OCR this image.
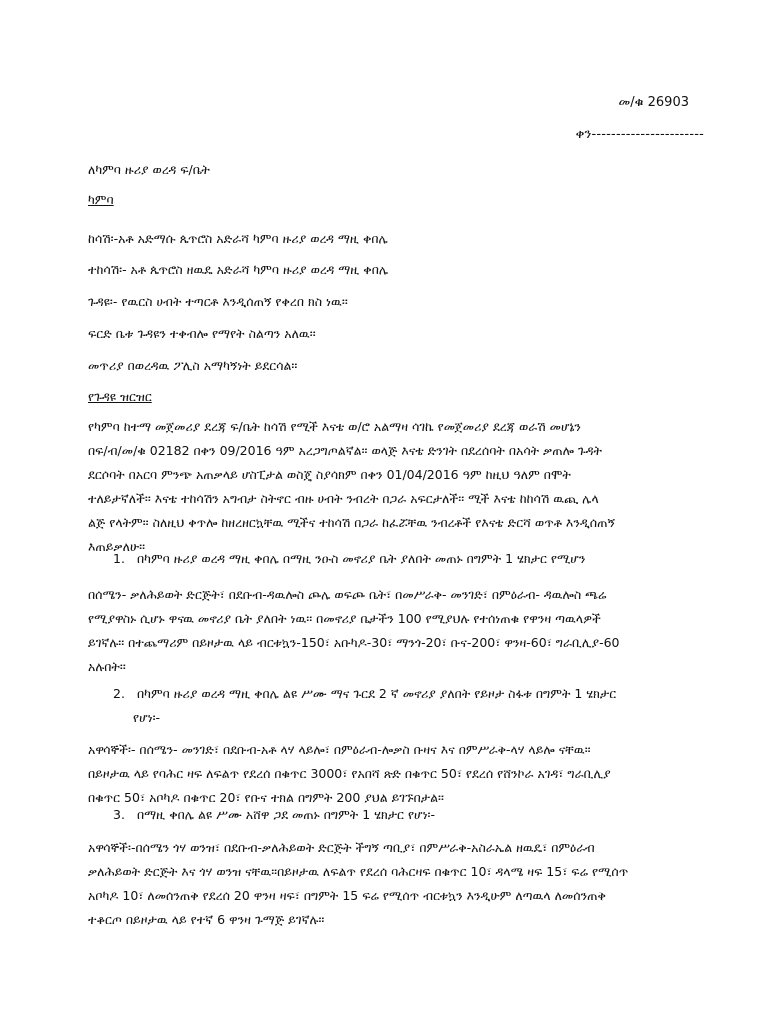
መ/ቁ 26903
ቀን-----------------------
ለካምባ ዙሪያ ወረዳ ፍ/ቤት
ካምባ
ከሳሽ፡-አቶ አድማሱ ጴጥሮስ አድራሻ ካምባ ዙሪያ ወረዳ ማዚ ቀበሌ
ተከሳሽ፡- አቶ ጴጥሮስ ዘዉዴ አድራሻ ካምባ ዙሪያ ወረዳ ማዚ ቀበሌ
ጉዳዩ፡- የዉርስ ሀብት ተጣርቶ እንዲሰጠኝ የቀረበ ክስ ነዉ፡፡
ፍርድ ቤቱ ጉዳዩን ተቀብሎ የማየት ስልጣን አለዉ፡፡
መጥሪያ በወረዳዉ ፖሊስ አማካኝነት ይደርሳል፡፡
የጉዳዩ ዝርዝር
የካምባ ከተማ መጀመሪያ ደረጃ ፍ/ቤት ከሳሽ የሚች እናቴ ወ/ሮ አልማዛ ሳገኬ የመጀመሪያ ደረጃ ወራሽ መሆኔን
በፍ/ብ/መ/ቁ 02182 በቀን 09/2016 ዓም አረጋግጦልኛል፡፡ ወላጅ እናቴ ድንገት በደረሰባት በአሳት ቃጠሎ ጉዳት
ደርሶባት በአርባ ምንጭ አጠቃላይ ሆስፒታል ወስጄ ስያሳክም በቀን 01/04/2016 ዓም ከዚህ ዓለም በሞት
ተለይታኛለች፡፡ እናቴ ተከሳሽን አግብታ ስትኖር ብዙ ሀብት ንብረት በጋራ አፍርታለች፡፡ ሚች እናቴ ከከሳሽ ዉጪ ሌላ
ልጅ የላትም፡፡ ስለዚህ ቀጥሎ ከዘረዘርኳቸዉ ሚችና ተከሳሽ በጋራ ከፈሯቸዉ ንብረቶች የእናቴ ድርሻ ወጥቶ እንዲሰጠኝ
እጠይቃለሁ፡፡
1. በካምባ ዙሪያ ወረዳ ማዚ ቀበሌ በማዚ ንዑስ መኖሪያ ቤት ያለበት መጠኑ በግምት 1 ሄክታር የሚሆን
በሰሜን- ቃለሕይወት ድርጅት፣ በደቡብ-ዳዉሎስ ጮሌ ወፍጮ ቤት፣ በመሥራቅ- መንገድ፣ በምዕራብ- ዳዉሎስ ጫሬ
የሚያዋስኑ ሲሆኑ ዋናዉ መኖሪያ ቤት ያለበት ነዉ፡፡ በመኖሪያ ቤታችን 100 የሚያህሉ የተሰነጠቁ የዋንዛ ጣዉላዎች
ይገኛሉ፡፡ በተጨማሪም በይዞታዉ ላይ ብርቱኳን-150፣ አቡካዶ-30፣ ማንጎ-20፣ ቡና-200፣ ዋንዛ-60፣ ግራቢሊያ-60
አሉበት፡፡
2. በካምባ ዙሪያ ወረዳ ማዚ ቀበሌ ልዩ ሥሙ ማና ጉርደ 2 ኛ መኖሪያ ያለበት የይዞታ ስፋቱ በግምት 1 ሄክታር
የሆነ፡-
አዋሳኞች፡- በሰሜን- መንገድ፣ በደቡብ-አቶ ላሃ ላይሎ፣ በምዕራብ-ሎቃስ ቡዛና እና በምሥራቅ-ላሃ ላይሎ ናቸዉ፡፡
በይዞታዉ ላይ የባሕር ዛፍ ለፍልጥ የደረሰ በቁጥር 3000፣ የአበሻ ጽድ በቁጥር 50፣ የደረሰ የሸንኮራ አገዳ፣ ግራቢሊያ
በቁጥር 50፣ አቦካዶ በቁጥር 20፣ የቡና ተክል በግምት 200 ያህል ይገኙበታል፡፡
3. በማዚ ቀበሌ ልዩ ሥሙ አሸዋ ጋደ መጠኑ በግምት 1 ሄክታር የሆነ፡-
አዋሳኞች፡-በሰሜን ጎሃ ወንዝ፣ በደቡብ-ቃለሕይወት ድርጅት ችግኝ ጣቢያ፣ በምሥራቅ-አስራኤል ዘዉዴ፣ በምዕራብ
ቃለሕይወት ድርጅት እና ጎሃ ወንዝ ናቸዉ፡፡በይዞታዉ ለፍልጥ የደረሰ ባሕርዛፍ በቁጥር 10፣ ዳላሜ ዛፍ 15፣ ፍሬ የሚሰጥ
አቦካዶ 10፣ ለመሰንጠቅ የደረሰ 20 ዋንዛ ዛፍ፣ በግምት 15 ፍሬ የሚሰጥ ብርቱኳን እንዲሁም ለጣዉላ ለመሰንጠቅ
ተቆርጦ በይዞታዉ ላይ የተኛ 6 ዋንዛ ጉማጅ ይገኛሉ፡፡
